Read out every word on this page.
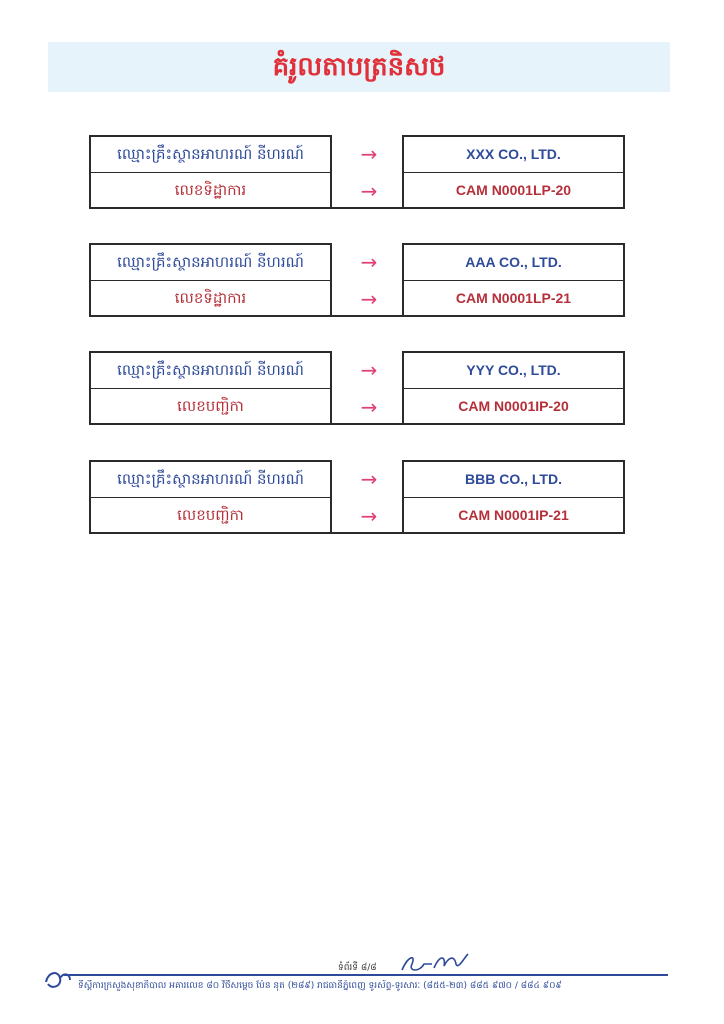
គំរូលតាបត្រនិសថ
ឈ្មោះគ្រឹះស្ថានអាហរណ៍ នីហរណ៍
លេខទិដ្ឋាការ
→
→
XXX CO., LTD.
CAM N0001LP-20
ឈ្មោះគ្រឹះស្ថានអាហរណ៍ នីហរណ៍
លេខទិដ្ឋាការ
→
→
AAA CO., LTD.
CAM N0001LP-21
ឈ្មោះគ្រឹះស្ថានអាហរណ៍ នីហរណ៍
លេខបញ្ជិកា
→
→
YYY CO., LTD.
CAM N0001IP-20
ឈ្មោះគ្រឹះស្ថានអាហរណ៍ នីហរណ៍
លេខបញ្ជិកា
→
→
BBB CO., LTD.
CAM N0001IP-21
ទំព័រទី ៨/៨
ទីស្ដីការក្រសួងសុខាភិបាល អគារលេខ ៨០ វិថីសម្ដេច ប៉ែន នុត (២៨៩) រាជធានីភ្នំពេញ ទូរស័ព្ទ-ទូរសារៈ (៨៥៥-២៣) ៨៨៥ ៩៧០ / ៨៨៤ ៩០៩
